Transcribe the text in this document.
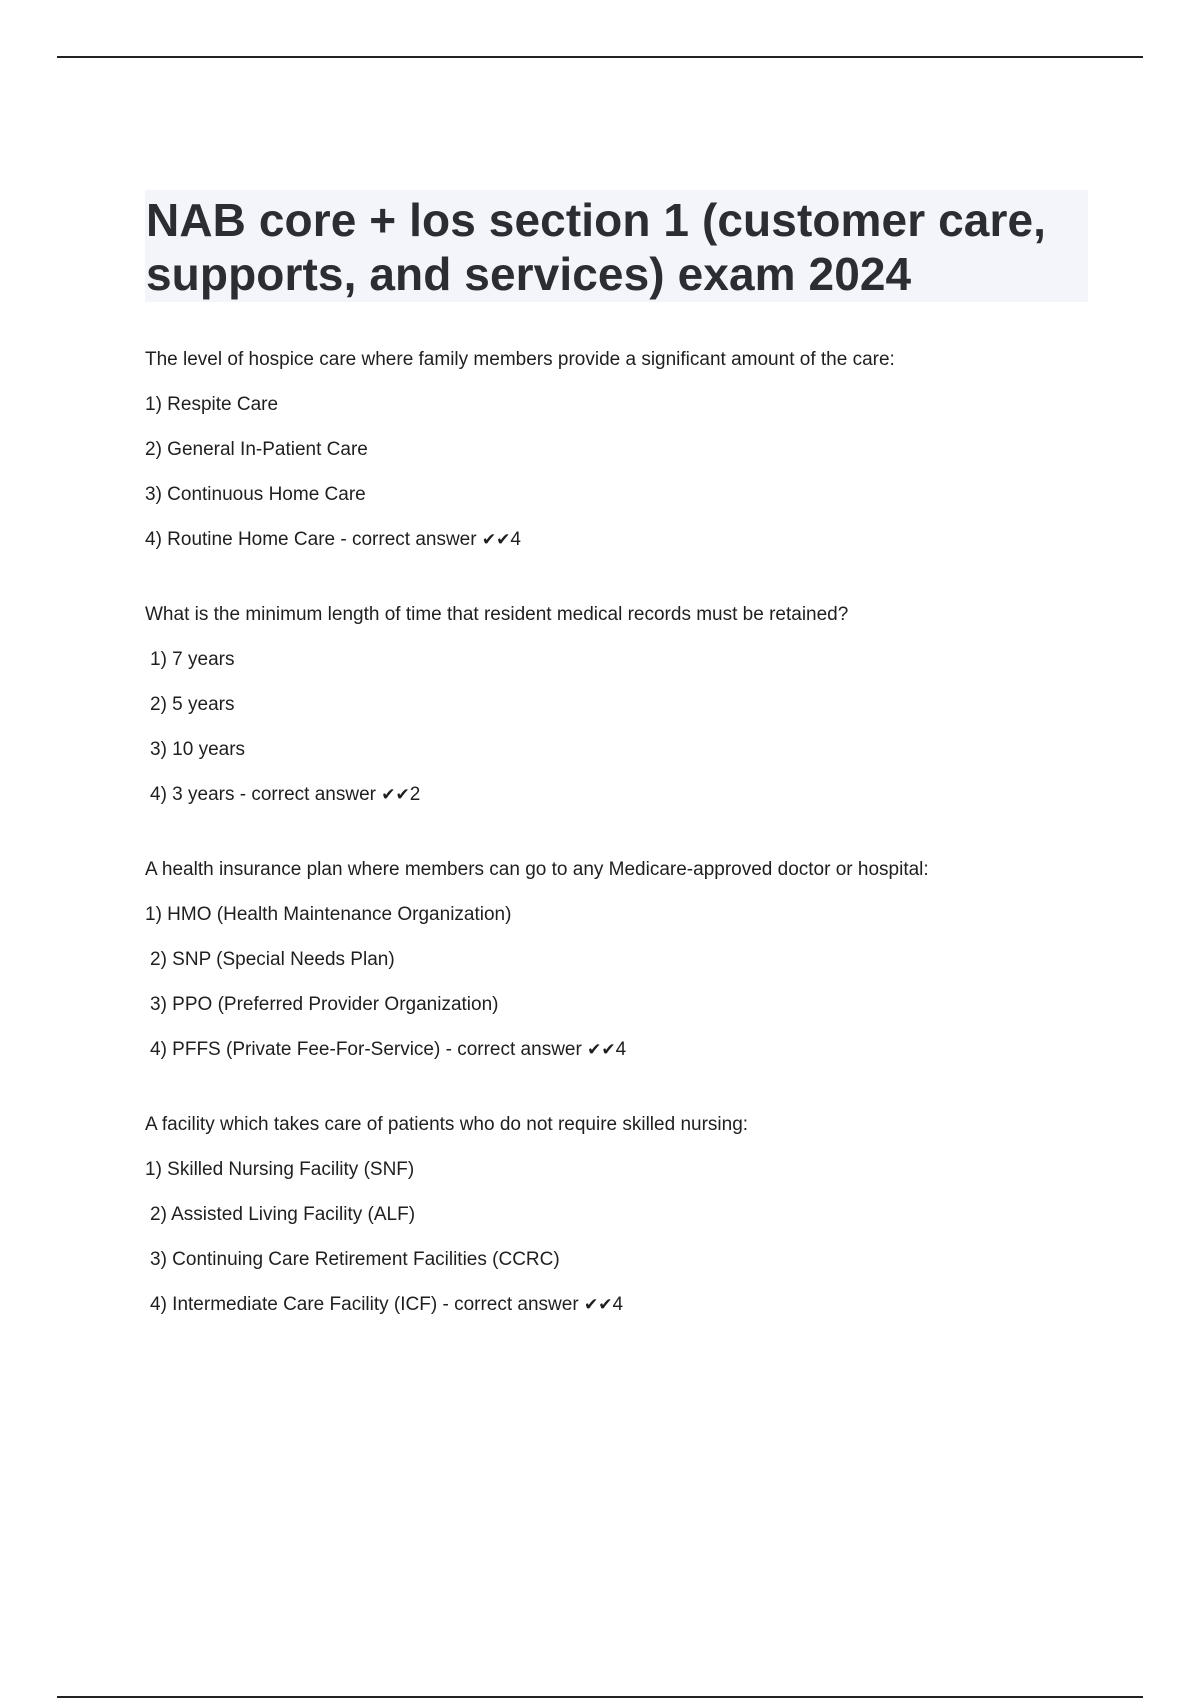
NAB core + los section 1 (customer care, supports, and services) exam 2024

The level of hospice care where family members provide a significant amount of the care:

1) Respite Care

2) General In-Patient Care

3) Continuous Home Care

4) Routine Home Care - correct answer ✔✔4

What is the minimum length of time that resident medical records must be retained?

1) 7 years

2) 5 years

3) 10 years

4) 3 years - correct answer ✔✔2

A health insurance plan where members can go to any Medicare-approved doctor or hospital:

1) HMO (Health Maintenance Organization)

2) SNP (Special Needs Plan)

3) PPO (Preferred Provider Organization)

4) PFFS (Private Fee-For-Service) - correct answer ✔✔4

A facility which takes care of patients who do not require skilled nursing:

1) Skilled Nursing Facility (SNF)

2) Assisted Living Facility (ALF)

3) Continuing Care Retirement Facilities (CCRC)

4) Intermediate Care Facility (ICF) - correct answer ✔✔4
